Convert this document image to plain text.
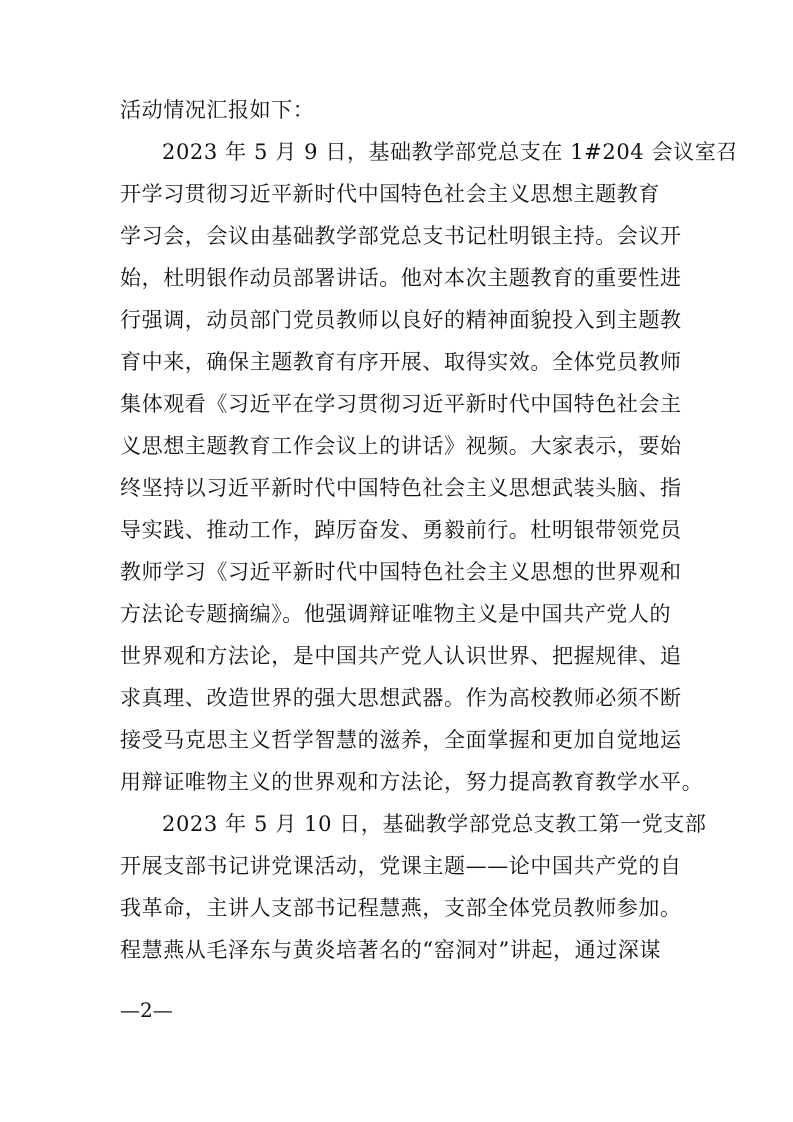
活动情况汇报如下：
2023 年 5 月 9 日，基础教学部党总支在 1#204 会议室召
开学习贯彻习近平新时代中国特色社会主义思想主题教育
学习会，会议由基础教学部党总支书记杜明银主持。会议开
始，杜明银作动员部署讲话。他对本次主题教育的重要性进
行强调，动员部门党员教师以良好的精神面貌投入到主题教
育中来，确保主题教育有序开展、取得实效。全体党员教师
集体观看《习近平在学习贯彻习近平新时代中国特色社会主
义思想主题教育工作会议上的讲话》视频。大家表示，要始
终坚持以习近平新时代中国特色社会主义思想武装头脑、指
导实践、推动工作，踔厉奋发、勇毅前行。杜明银带领党员
教师学习《习近平新时代中国特色社会主义思想的世界观和
方法论专题摘编》。他强调辩证唯物主义是中国共产党人的
世界观和方法论，是中国共产党人认识世界、把握规律、追
求真理、改造世界的强大思想武器。作为高校教师必须不断
接受马克思主义哲学智慧的滋养，全面掌握和更加自觉地运
用辩证唯物主义的世界观和方法论，努力提高教育教学水平。
2023 年 5 月 10 日，基础教学部党总支教工第一党支部
开展支部书记讲党课活动，党课主题——论中国共产党的自
我革命，主讲人支部书记程慧燕，支部全体党员教师参加。
程慧燕从毛泽东与黄炎培著名的“窑洞对”讲起，通过深谋
—2—
